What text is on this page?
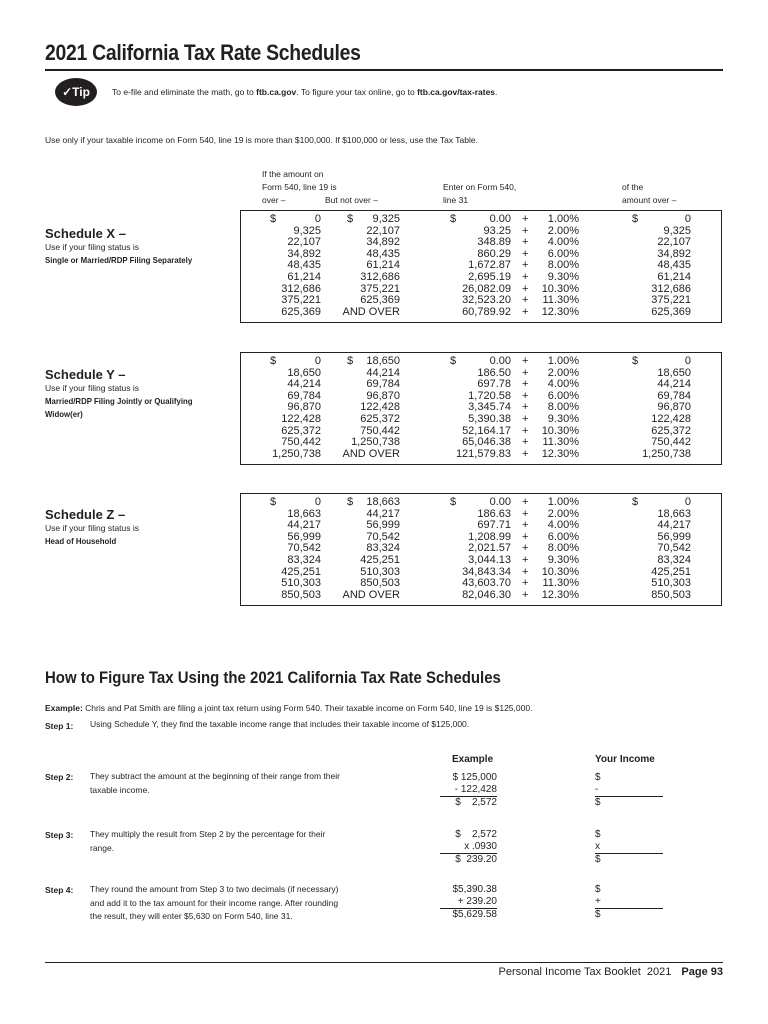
2021 California Tax Rate Schedules
✓Tip	To e-file and eliminate the math, go to ftb.ca.gov. To figure your tax online, go to ftb.ca.gov/tax-rates.
Use only if your taxable income on Form 540, line 19 is more than $100,000. If $100,000 or less, use the Tax Table.
If the amount on
Form 540, line 19 is
over –	But not over –
Enter on Form 540,
line 31
of the
amount over –
Schedule X –
Use if your filing status is
Single or Married/RDP Filing Separately
$	0 $ 9,325	$	0.00 + 1.00%	$	0
9,325	22,107	93.25 + 2.00%	9,325
22,107	34,892	348.89 + 4.00%	22,107
34,892	48,435	860.29 + 6.00%	34,892
48,435	61,214	1,672.87 + 8.00%	48,435
61,214	312,686	2,695.19 + 9.30%	61,214
312,686	375,221	26,082.09 + 10.30%	312,686
375,221	625,369	32,523.20 + 11.30%	375,221
625,369 AND OVER	60,789.92 + 12.30%	625,369
Schedule Y –
Use if your filing status is
Married/RDP Filing Jointly or Qualifying
Widow(er)
$	0 $ 18,650	$	0.00 + 1.00%	$	0
18,650	44,214	186.50 + 2.00%	18,650
44,214	69,784	697.78 + 4.00%	44,214
69,784	96,870	1,720.58 + 6.00%	69,784
96,870	122,428	3,345.74 + 8.00%	96,870
122,428	625,372	5,390.38 + 9.30%	122,428
625,372	750,442	52,164.17 + 10.30%	625,372
750,442	1,250,738	65,046.38 + 11.30%	750,442
1,250,738 AND OVER	121,579.83 + 12.30%	1,250,738
Schedule Z –
Use if your filing status is
Head of Household
$	0 $ 18,663	$	0.00 + 1.00%	$	0
18,663	44,217	186.63 + 2.00%	18,663
44,217	56,999	697.71 + 4.00%	44,217
56,999	70,542	1,208.99 + 6.00%	56,999
70,542	83,324	2,021.57 + 8.00%	70,542
83,324	425,251	3,044.13 + 9.30%	83,324
425,251	510,303	34,843.34 + 10.30%	425,251
510,303	850,503	43,603.70 + 11.30%	510,303
850,503 AND OVER	82,046.30 + 12.30%	850,503
How to Figure Tax Using the 2021 California Tax Rate Schedules
Example: Chris and Pat Smith are filing a joint tax return using Form 540. Their taxable income on Form 540, line 19 is $125,000.
Step 1: Using Schedule Y, they find the taxable income range that includes their taxable income of $125,000.
Example	Your Income
Step 2: They subtract the amount at the beginning of their range from their taxable income.
$ 125,000
- 122,428
$    2,572
$
-
$
Step 3: They multiply the result from Step 2 by the percentage for their range.
$    2,572
x .0930
$  239.20
$
x
$
Step 4: They round the amount from Step 3 to two decimals (if necessary) and add it to the tax amount for their income range. After rounding the result, they will enter $5,630 on Form 540, line 31.
$5,390.38
+ 239.20
$5,629.58
$
+
$
Personal Income Tax Booklet  2021 Page 93
